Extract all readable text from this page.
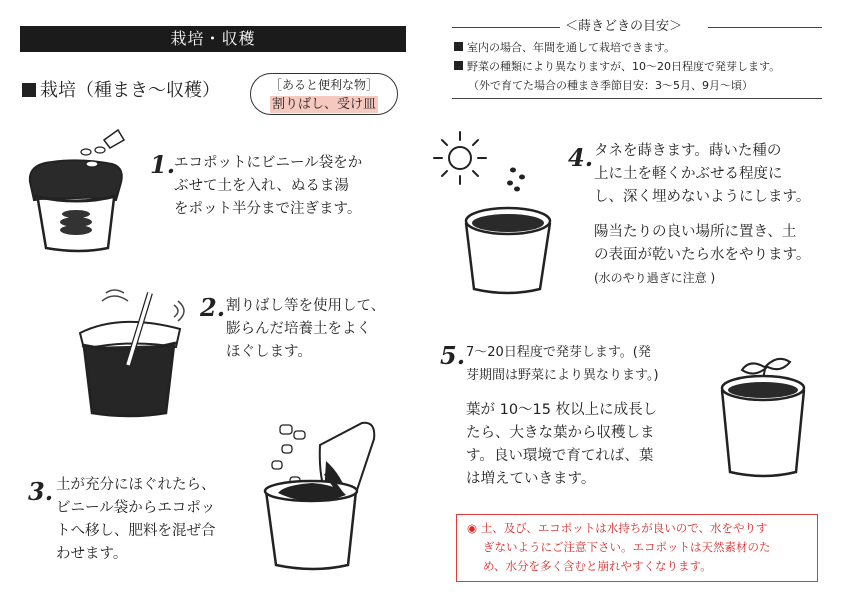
栽培・収穫
栽培（種まき～収穫）	［あると便利な物］
割りばし、受け皿
＜蒔きどきの目安＞
室内の場合、年間を通して栽培できます。
野菜の種類により異なりますが、10～20日程度で発芽します。
（外で育てた場合の種まき季節目安：3～5月、9月～頃）
1.
エコポットにビニール袋をか
ぶせて土を入れ、ぬるま湯
をポット半分まで注ぎます。
2. 割りばし等を使用して、
膨らんだ培養土をよく
ほぐします。
3. 土が充分にほぐれたら、
ビニール袋からエコポッ
トへ移し、肥料を混ぜ合
わせます。
4. タネを蒔きます。蒔いた種の
上に土を軽くかぶせる程度に
し、深く埋めないようにします。
陽当たりの良い場所に置き、土
の表面が乾いたら水をやります。
(水のやり過ぎに注意 )
5. 7～20日程度で発芽します。(発
芽期間は野菜により異なります。)
葉が 10～15 枚以上に成長し
たら、大きな葉から収穫しま
す。良い環境で育てれば、葉
は増えていきます。
◉ 土、及び、エコポットは水持ちが良いので、水をやりす
ぎないようにご注意下さい。エコポットは天然素材のた
め、水分を多く含むと崩れやすくなります。
